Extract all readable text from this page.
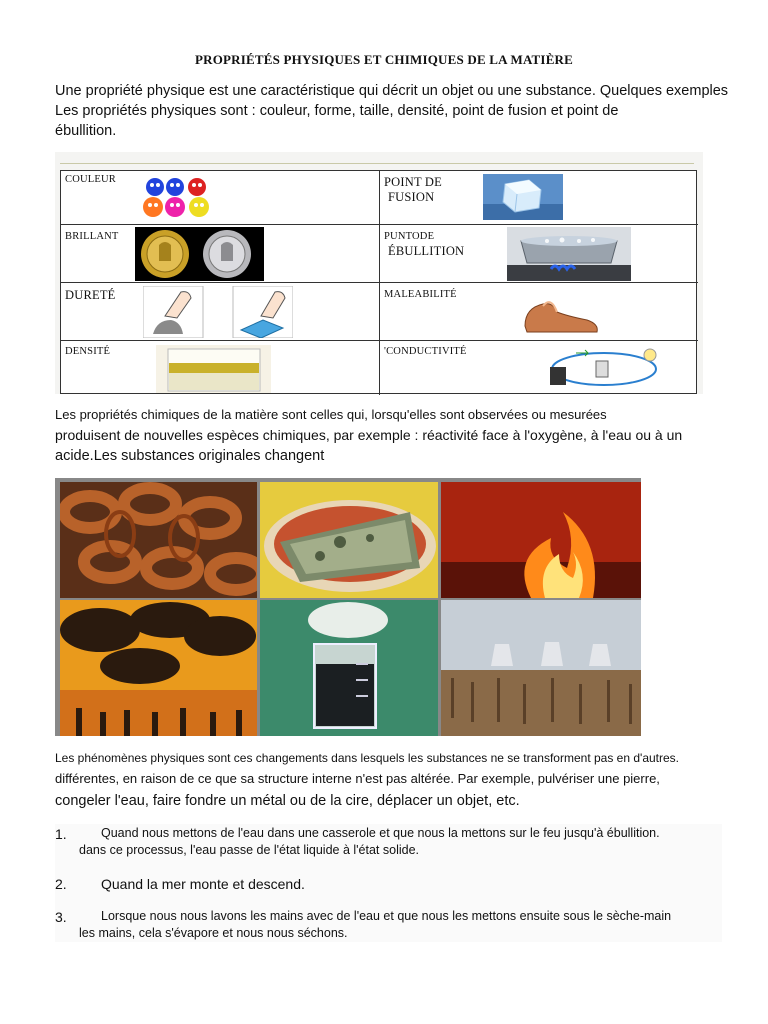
PROPRIÉTÉS PHYSIQUES ET CHIMIQUES DE LA MATIÈRE
Une propriété physique est une caractéristique qui décrit un objet ou une substance. Quelques exemples
Les propriétés physiques sont : couleur, forme, taille, densité, point de fusion et point de
ébullition.
COULEUR	POINT DE
FUSION
BRILLANT	PUNTODE
ÉBULLITION
DURETÉ	MALEABILITÉ
DENSITÉ	'CONDUCTIVITÉ
Les propriétés chimiques de la matière sont celles qui, lorsqu'elles sont observées ou mesurées
produisent de nouvelles espèces chimiques, par exemple : réactivité face à l'oxygène, à l'eau ou à un
acide.Les substances originales changent
Les phénomènes physiques sont ces changements dans lesquels les substances ne se transforment pas en d'autres.
différentes, en raison de ce que sa structure interne n'est pas altérée. Par exemple, pulvériser une pierre,
congeler l'eau, faire fondre un métal ou de la cire, déplacer un objet, etc.
1.	Quand nous mettons de l'eau dans une casserole et que nous la mettons sur le feu jusqu'à ébullition.
dans ce processus, l'eau passe de l'état liquide à l'état solide.
2. Quand la mer monte et descend.
3.	Lorsque nous nous lavons les mains avec de l'eau et que nous les mettons ensuite sous le sèche-main
les mains, cela s'évapore et nous nous séchons.
